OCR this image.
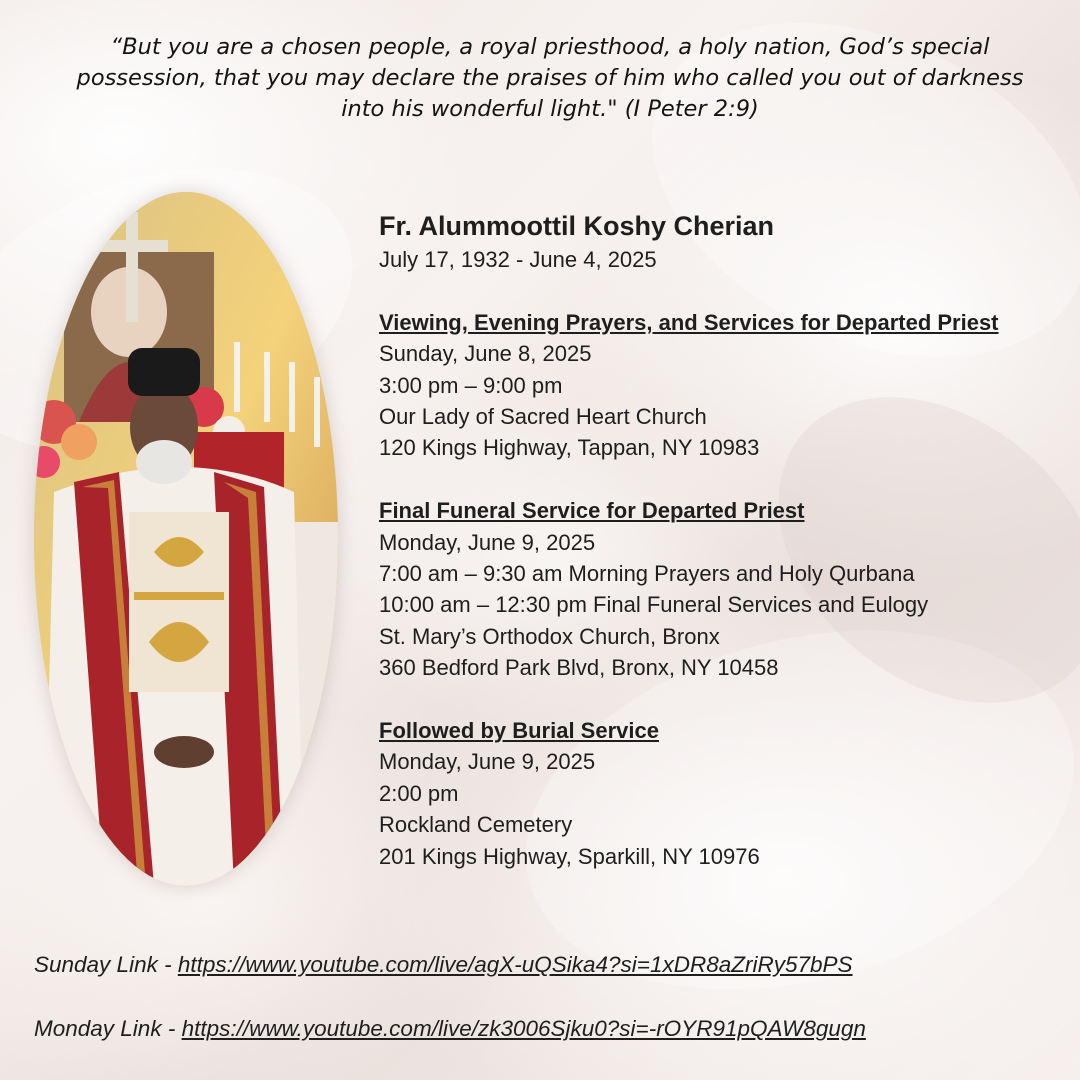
“But you are a chosen people, a royal priesthood, a holy nation, God’s special
possession, that you may declare the praises of him who called you out of darkness
into his wonderful light." (I Peter 2:9)
Fr. Alummoottil Koshy Cherian
July 17, 1932 - June 4, 2025
Viewing, Evening Prayers, and Services for Departed Priest
Sunday, June 8, 2025
3:00 pm – 9:00 pm
Our Lady of Sacred Heart Church
120 Kings Highway, Tappan, NY 10983
Final Funeral Service for Departed Priest
Monday, June 9, 2025
7:00 am – 9:30 am Morning Prayers and Holy Qurbana
10:00 am – 12:30 pm Final Funeral Services and Eulogy
St. Mary’s Orthodox Church, Bronx
360 Bedford Park Blvd, Bronx, NY 10458
Followed by Burial Service
Monday, June 9, 2025
2:00 pm
Rockland Cemetery
201 Kings Highway, Sparkill, NY 10976
Sunday Link - https://www.youtube.com/live/agX-uQSika4?si=1xDR8aZriRy57bPS
Monday Link - https://www.youtube.com/live/zk3006Sjku0?si=-rOYR91pQAW8gugn
